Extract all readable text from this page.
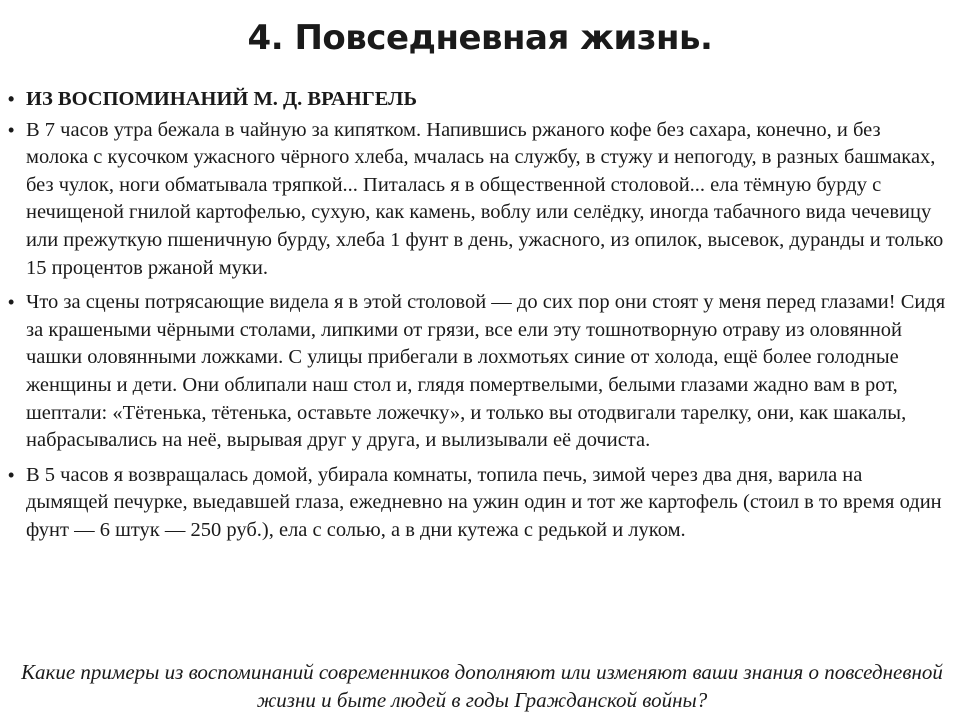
4. Повседневная жизнь.
• ИЗ ВОСПОМИНАНИЙ М. Д. ВРАНГЕЛЬ
• В 7 часов утра бежала в чайную за кипятком. Напившись ржаного кофе без сахара, конечно, и без молока с кусочком ужасного чёрного хлеба, мчалась на службу, в стужу и непогоду, в разных башмаках, без чулок, ноги обматывала тряпкой... Питалась я в общественной столовой... ела тёмную бурду с нечищеной гнилой картофелью, сухую, как камень, воблу или селёдку, иногда табачного вида чечевицу или прежуткую пшеничную бурду, хлеба 1 фунт в день, ужасного, из опилок, высевок, дуранды и только 15 процентов ржаной муки.
• Что за сцены потрясающие видела я в этой столовой — до сих пор они стоят у меня перед глазами! Сидя за крашеными чёрными столами, липкими от грязи, все ели эту тошнотворную отраву из оловянной чашки оловянными ложками. С улицы прибегали в лохмотьях синие от холода, ещё более голодные женщины и дети. Они облипали наш стол и, глядя помертвелыми, белыми глазами жадно вам в рот, шептали: «Тётенька, тётенька, оставьте ложечку», и только вы отодвигали тарелку, они, как шакалы, набрасывались на неё, вырывая друг у друга, и вылизывали её дочиста.
• В 5 часов я возвращалась домой, убирала комнаты, топила печь, зимой через два дня, варила на дымящей печурке, выедавшей глаза, ежедневно на ужин один и тот же картофель (стоил в то время один фунт — 6 штук — 250 руб.), ела с солью, а в дни кутежа с редькой и луком.
Какие примеры из воспоминаний современников дополняют или изменяют ваши знания о повседневной жизни и быте людей в годы Гражданской войны?
